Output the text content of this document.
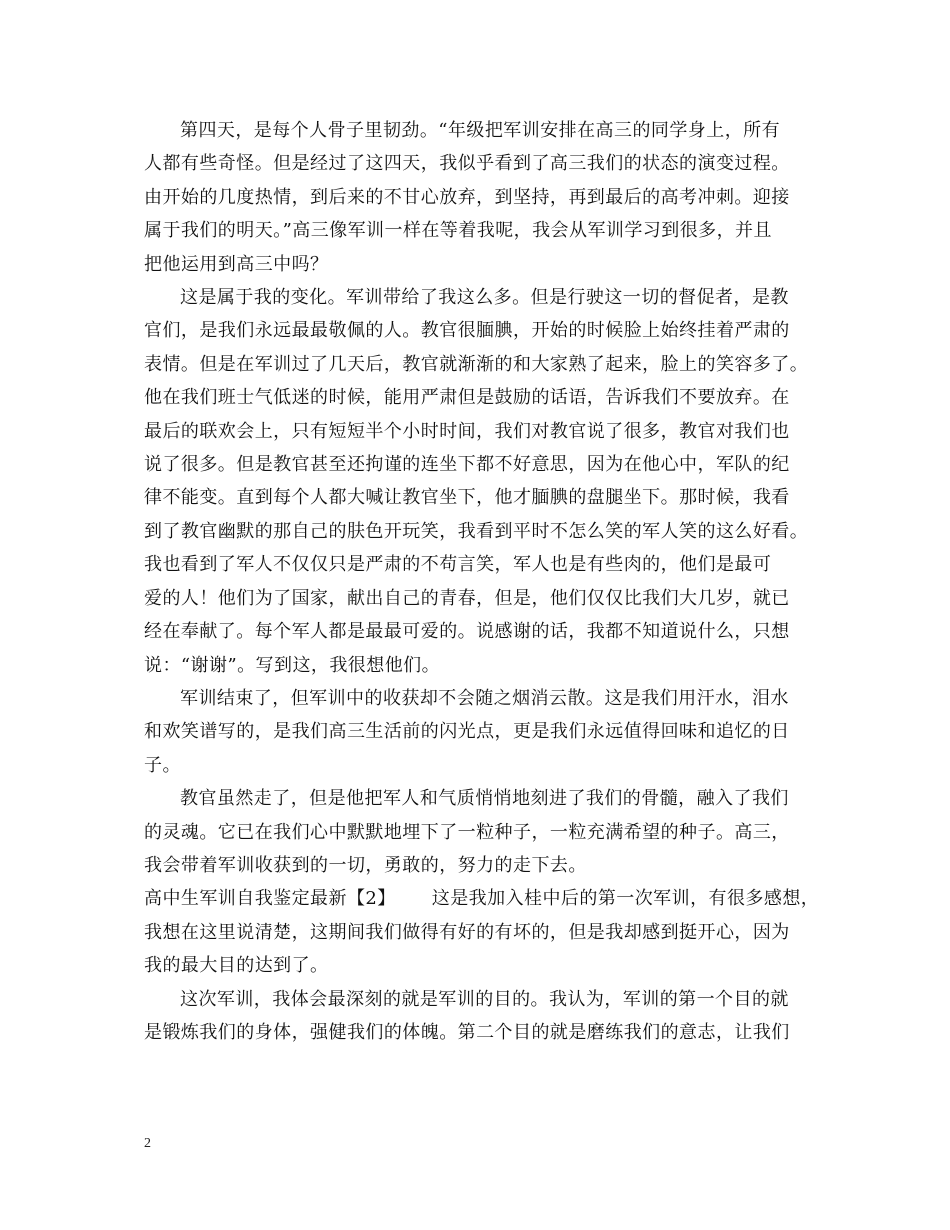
第四天，是每个人骨子里韧劲。“年级把军训安排在高三的同学身上，所有
人都有些奇怪。但是经过了这四天，我似乎看到了高三我们的状态的演变过程。
由开始的几度热情，到后来的不甘心放弃，到坚持，再到最后的高考冲刺。迎接
属于我们的明天。”高三像军训一样在等着我呢，我会从军训学习到很多，并且
把他运用到高三中吗？

这是属于我的变化。军训带给了我这么多。但是行驶这一切的督促者，是教
官们，是我们永远最最敬佩的人。教官很腼腆，开始的时候脸上始终挂着严肃的
表情。但是在军训过了几天后，教官就渐渐的和大家熟了起来，脸上的笑容多了。
他在我们班士气低迷的时候，能用严肃但是鼓励的话语，告诉我们不要放弃。在
最后的联欢会上，只有短短半个小时时间，我们对教官说了很多，教官对我们也
说了很多。但是教官甚至还拘谨的连坐下都不好意思，因为在他心中，军队的纪
律不能变。直到每个人都大喊让教官坐下，他才腼腆的盘腿坐下。那时候，我看
到了教官幽默的那自己的肤色开玩笑，我看到平时不怎么笑的军人笑的这么好看。
我也看到了军人不仅仅只是严肃的不苟言笑，军人也是有些肉的，他们是最可
爱的人！他们为了国家，献出自己的青春，但是，他们仅仅比我们大几岁，就已
经在奉献了。每个军人都是最最可爱的。说感谢的话，我都不知道说什么，只想
说：“谢谢”。写到这，我很想他们。

军训结束了，但军训中的收获却不会随之烟消云散。这是我们用汗水，泪水
和欢笑谱写的，是我们高三生活前的闪光点，更是我们永远值得回味和追忆的日
子。

教官虽然走了，但是他把军人和气质悄悄地刻进了我们的骨髓，融入了我们
的灵魂。它已在我们心中默默地埋下了一粒种子，一粒充满希望的种子。高三，
我会带着军训收获到的一切，勇敢的，努力的走下去。

高中生军训自我鉴定最新【2】 这是我加入桂中后的第一次军训，有很多感想，
我想在这里说清楚，这期间我们做得有好的有坏的，但是我却感到挺开心，因为
我的最大目的达到了。

这次军训，我体会最深刻的就是军训的目的。我认为，军训的第一个目的就
是锻炼我们的身体，强健我们的体魄。第二个目的就是磨练我们的意志，让我们

2
